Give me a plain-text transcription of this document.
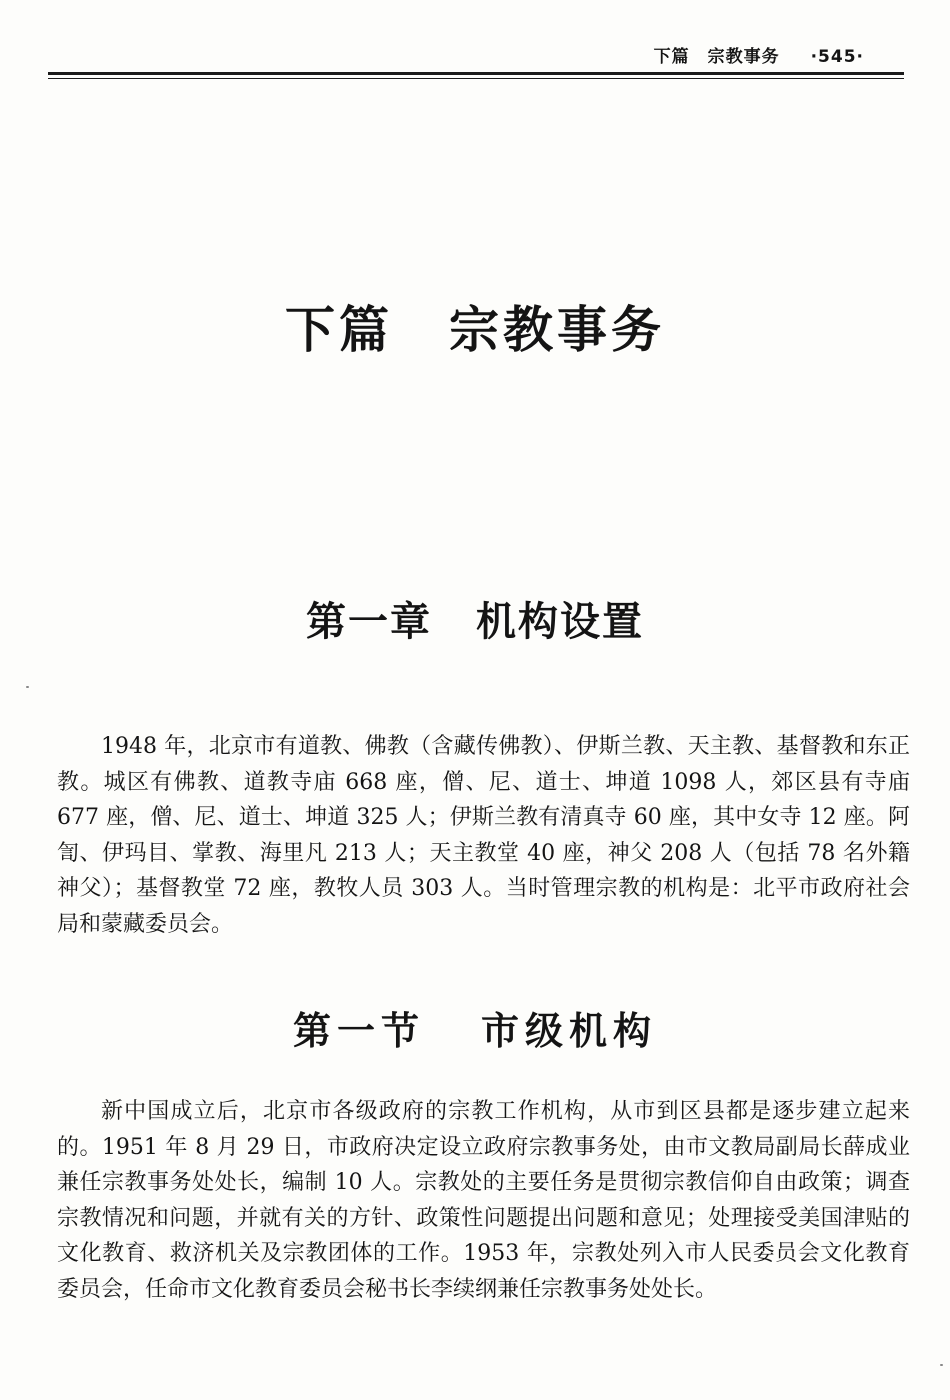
下篇　宗教事务 ·545·
下篇 宗教事务
第一章 机构设置

1948 年，北京市有道教、佛教（含藏传佛教）、伊斯兰教、天主教、基督教和东正教。城区有佛教、道教寺庙 668 座，僧、尼、道士、坤道 1098 人，郊区县有寺庙 677 座，僧、尼、道士、坤道 325 人；伊斯兰教有清真寺 60 座，其中女寺 12 座。阿訇、伊玛目、掌教、海里凡 213 人；天主教堂 40 座，神父 208 人（包括 78 名外籍神父）；基督教堂 72 座，教牧人员 303 人。当时管理宗教的机构是：北平市政府社会局和蒙藏委员会。

第一节 市级机构

新中国成立后，北京市各级政府的宗教工作机构，从市到区县都是逐步建立起来的。1951 年 8 月 29 日，市政府决定设立政府宗教事务处，由市文教局副局长薛成业兼任宗教事务处处长，编制 10 人。宗教处的主要任务是贯彻宗教信仰自由政策；调查宗教情况和问题，并就有关的方针、政策性问题提出问题和意见；处理接受美国津贴的文化教育、救济机关及宗教团体的工作。1953 年，宗教处列入市人民委员会文化教育委员会，任命市文化教育委员会秘书长李续纲兼任宗教事务处处长。
